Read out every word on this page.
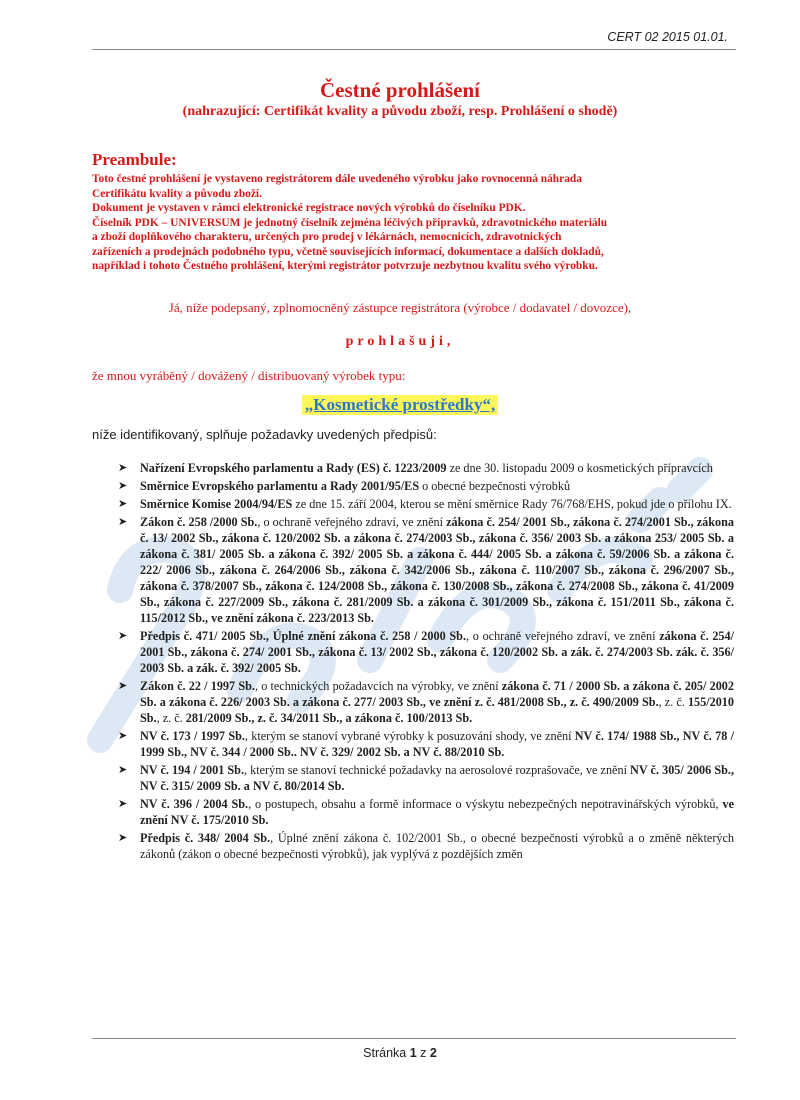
CERT 02 2015 01.01.
Čestné prohlášení
(nahrazující: Certifikát kvality a původu zboží, resp. Prohlášení o shodě)
Preambule:
Toto čestné prohlášení je vystaveno registrátorem dále uvedeného výrobku jako rovnocenná náhrada
Certifikátu kvality a původu zboží.
Dokument je vystaven v rámci elektronické registrace nových výrobků do číselníku PDK.
Číselník PDK – UNIVERSUM je jednotný číselník zejména léčivých přípravků, zdravotnického materiálu
a zboží doplňkového charakteru, určených pro prodej v lékárnách, nemocnicích, zdravotnických
zařízeních a prodejnách podobného typu, včetně souvisejících informací, dokumentace a dalších dokladů,
například i tohoto Čestného prohlášení, kterými registrátor potvrzuje nezbytnou kvalitu svého výrobku.
Já, níže podepsaný, zplnomocněný zástupce registrátora (výrobce / dodavatel / dovozce),
prohlašuji,
že mnou vyráběný / dovážený / distribuovaný výrobek typu:
„Kosmetické prostředky“,
níže identifikovaný, splňuje požadavky uvedených předpisů:
➤ Nařízení Evropského parlamentu a Rady (ES) č. 1223/2009 ze dne 30. listopadu 2009 o kosmetických přípravcích
➤ Směrnice Evropského parlamentu a Rady 2001/95/ES o obecné bezpečnosti výrobků
➤ Směrnice Komise 2004/94/ES ze dne 15. září 2004, kterou se mění směrnice Rady 76/768/EHS, pokud jde o přílohu IX.
➤ Zákon č. 258 /2000 Sb., o ochraně veřejného zdraví, ve znění zákona č. 254/ 2001 Sb., zákona č. 274/2001 Sb., zákona č. 13/ 2002 Sb., zákona č. 120/2002 Sb. a zákona č. 274/2003 Sb., zákona č. 356/ 2003 Sb. a zákona 253/ 2005 Sb. a zákona č. 381/ 2005 Sb. a zákona č. 392/ 2005 Sb. a zákona č. 444/ 2005 Sb. a zákona č. 59/2006 Sb. a zákona č. 222/ 2006 Sb., zákona č. 264/2006 Sb., zákona č. 342/2006 Sb., zákona č. 110/2007 Sb., zákona č. 296/2007 Sb., zákona č. 378/2007 Sb., zákona č. 124/2008 Sb., zákona č. 130/2008 Sb., zákona č. 274/2008 Sb., zákona č. 41/2009 Sb., zákona č. 227/2009 Sb., zákona č. 281/2009 Sb. a zákona č. 301/2009 Sb., zákona č. 151/2011 Sb., zákona č. 115/2012 Sb., ve znění zákona č. 223/2013 Sb.
➤ Předpis č. 471/ 2005 Sb., Úplné znění zákona č. 258 / 2000 Sb., o ochraně veřejného zdraví, ve znění zákona č. 254/ 2001 Sb., zákona č. 274/ 2001 Sb., zákona č. 13/ 2002 Sb., zákona č. 120/2002 Sb. a zák. č. 274/2003 Sb. zák. č. 356/ 2003 Sb. a zák. č. 392/ 2005 Sb.
➤ Zákon č. 22 / 1997 Sb., o technických požadavcích na výrobky, ve znění zákona č. 71 / 2000 Sb. a zákona č. 205/ 2002 Sb. a zákona č. 226/ 2003 Sb. a zákona č. 277/ 2003 Sb., ve znění z. č. 481/2008 Sb., z. č. 490/2009 Sb., z. č. 155/2010 Sb., z. č. 281/2009 Sb., z. č. 34/2011 Sb., a zákona č. 100/2013 Sb.
➤ NV č. 173 / 1997 Sb., kterým se stanoví vybrané výrobky k posuzování shody, ve znění NV č. 174/ 1988 Sb., NV č. 78 / 1999 Sb., NV č. 344 / 2000 Sb.. NV č. 329/ 2002 Sb. a NV č. 88/2010 Sb.
➤ NV č. 194 / 2001 Sb., kterým se stanoví technické požadavky na aerosolové rozprašovače, ve znění NV č. 305/ 2006 Sb., NV č. 315/ 2009 Sb. a NV č. 80/2014 Sb.
➤ NV č. 396 / 2004 Sb., o postupech, obsahu a formě informace o výskytu nebezpečných nepotravinářských výrobků, ve znění NV č. 175/2010 Sb.
➤ Předpis č. 348/ 2004 Sb., Úplné znění zákona č. 102/2001 Sb., o obecné bezpečnosti výrobků a o změně některých zákonů (zákon o obecné bezpečnosti výrobků), jak vyplývá z pozdějších změn
Stránka 1 z 2
